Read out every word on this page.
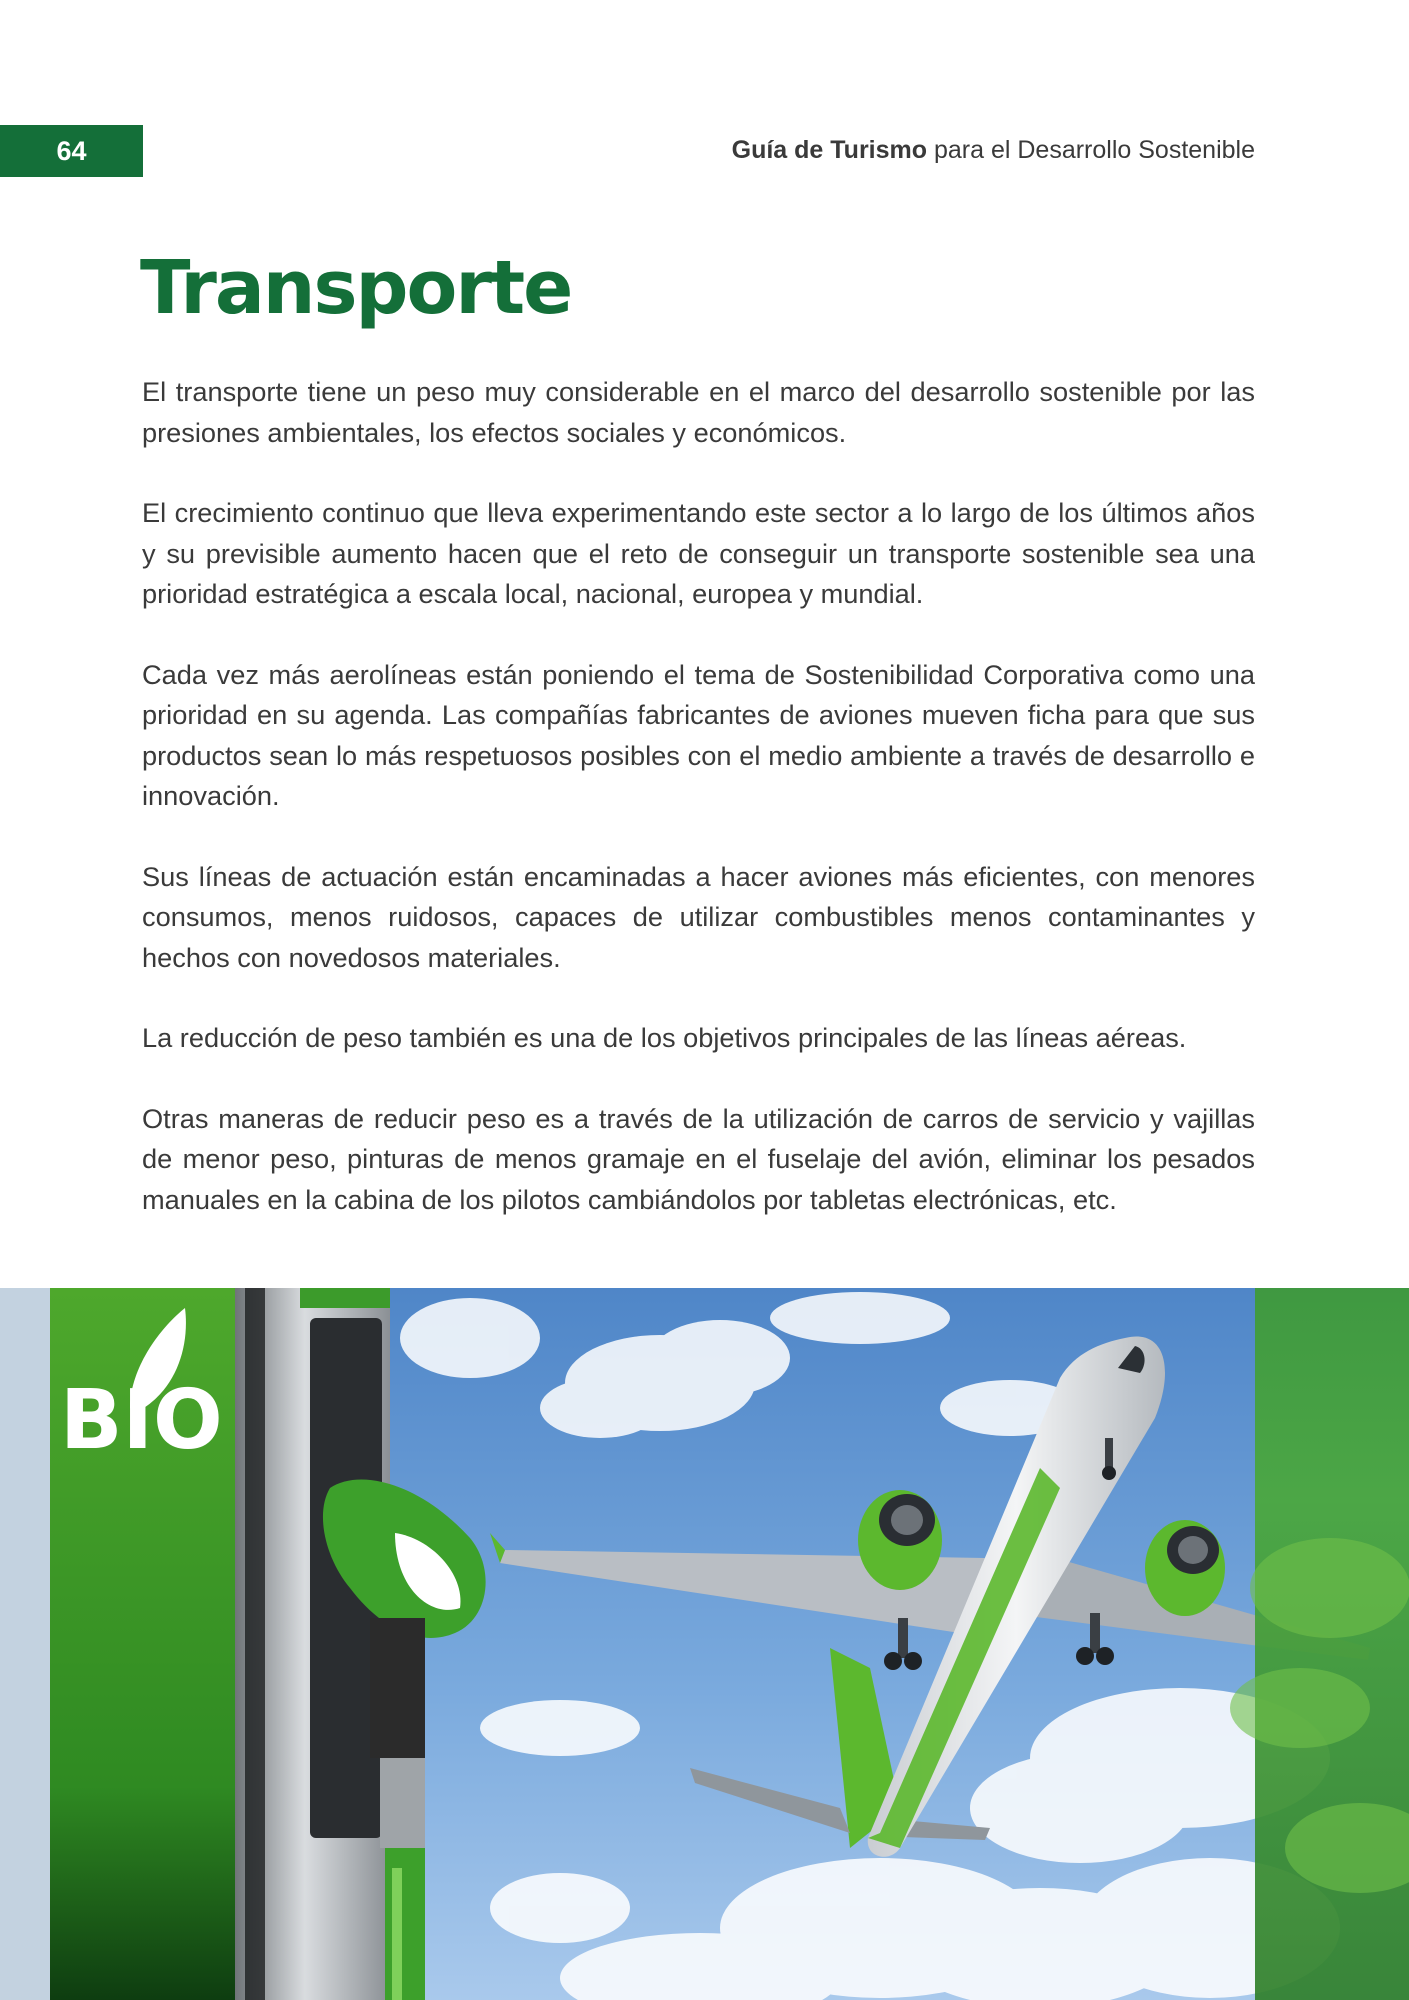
64	Guía de Turismo para el Desarrollo Sostenible
Transporte

El transporte tiene un peso muy considerable en el marco del desarrollo sostenible por las presiones ambientales, los efectos sociales y económicos.

El crecimiento continuo que lleva experimentando este sector a lo largo de los últimos años y su previsible aumento hacen que el reto de conseguir un transporte sostenible sea una prioridad estratégica a escala local, nacional, europea y mundial.

Cada vez más aerolíneas están poniendo el tema de Sostenibilidad Corporativa como una prioridad en su agenda. Las compañías fabricantes de aviones mueven ficha para que sus productos sean lo más respetuosos posibles con el medio ambiente a través de desarrollo e innovación.

Sus líneas de actuación están encaminadas a hacer aviones más eficientes, con menores consumos, menos ruidosos, capaces de utilizar combustibles menos contaminantes y hechos con novedosos materiales.

La reducción de peso también es una de los objetivos principales de las líneas aéreas.

Otras maneras de reducir peso es a través de la utilización de carros de servicio y vajillas de menor peso, pinturas de menos gramaje en el fuselaje del avión, eliminar los pesados manuales en la cabina de los pilotos cambiándolos por tabletas electrónicas, etc.

BIO
